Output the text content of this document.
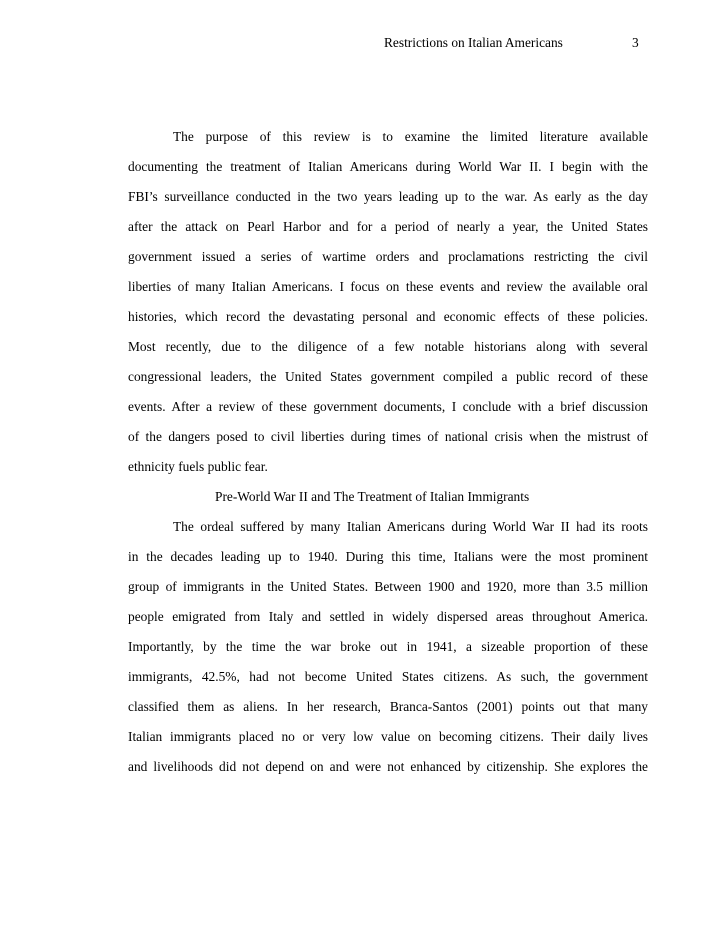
Restrictions on Italian Americans	3
The purpose of this review is to examine the limited literature available
documenting the treatment of Italian Americans during World War II. I begin with the
FBI’s surveillance conducted in the two years leading up to the war. As early as the day
after the attack on Pearl Harbor and for a period of nearly a year, the United States
government issued a series of wartime orders and proclamations restricting the civil
liberties of many Italian Americans. I focus on these events and review the available oral
histories, which record the devastating personal and economic effects of these policies.
Most recently, due to the diligence of a few notable historians along with several
congressional leaders, the United States government compiled a public record of these
events. After a review of these government documents, I conclude with a brief discussion
of the dangers posed to civil liberties during times of national crisis when the mistrust of
ethnicity fuels public fear.
Pre-World War II and The Treatment of Italian Immigrants
The ordeal suffered by many Italian Americans during World War II had its roots
in the decades leading up to 1940. During this time, Italians were the most prominent
group of immigrants in the United States. Between 1900 and 1920, more than 3.5 million
people emigrated from Italy and settled in widely dispersed areas throughout America.
Importantly, by the time the war broke out in 1941, a sizeable proportion of these
immigrants, 42.5%, had not become United States citizens. As such, the government
classified them as aliens. In her research, Branca-Santos (2001) points out that many
Italian immigrants placed no or very low value on becoming citizens. Their daily lives
and livelihoods did not depend on and were not enhanced by citizenship. She explores the
